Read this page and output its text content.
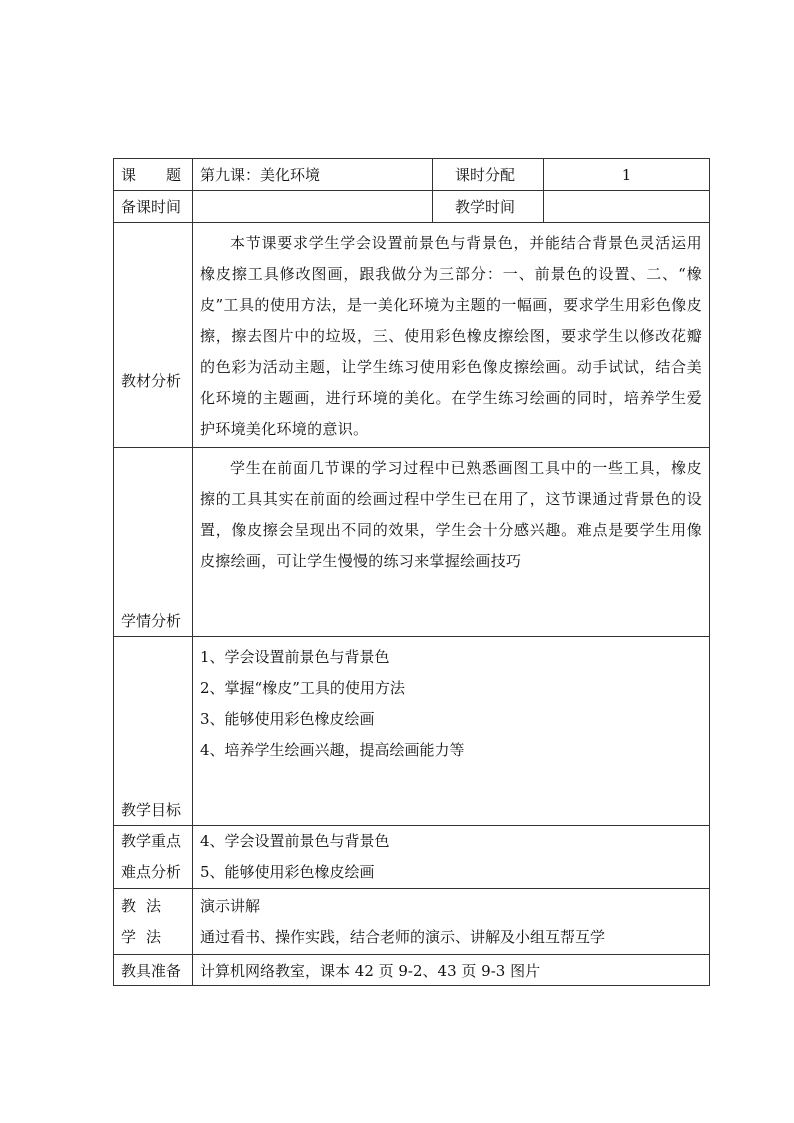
课　　题	第九课：美化环境	课时分配	1
备课时间		教学时间	
教材分析	本节课要求学生学会设置前景色与背景色，并能结合背景色灵活运用橡皮擦工具修改图画，跟我做分为三部分：一、前景色的设置、二、“橡皮”工具的使用方法，是一美化环境为主题的一幅画，要求学生用彩色像皮擦，擦去图片中的垃圾，三、使用彩色橡皮擦绘图，要求学生以修改花瓣的色彩为活动主题，让学生练习使用彩色像皮擦绘画。动手试试，结合美化环境的主题画，进行环境的美化。在学生练习绘画的同时，培养学生爱护环境美化环境的意识。		

学情分析	学生在前面几节课的学习过程中已熟悉画图工具中的一些工具，橡皮擦的工具其实在前面的绘画过程中学生已在用了，这节课通过背景色的设置，像皮擦会呈现出不同的效果，学生会十分感兴趣。难点是要学生用像皮擦绘画，可让学生慢慢的练习来掌握绘画技巧		

教学目标	1、学会设置前景色与背景色
2、掌握“橡皮”工具的使用方法
3、能够使用彩色橡皮绘画
4、培养学生绘画兴趣，提高绘画能力等		

教学重点
难点分析	4、学会设置前景色与背景色
5、能够使用彩色橡皮绘画		

教法
学法	演示讲解
通过看书、操作实践，结合老师的演示、讲解及小组互帮互学		

教具准备	计算机网络教室，课本 42 页 9-2、43 页 9-3 图片		
